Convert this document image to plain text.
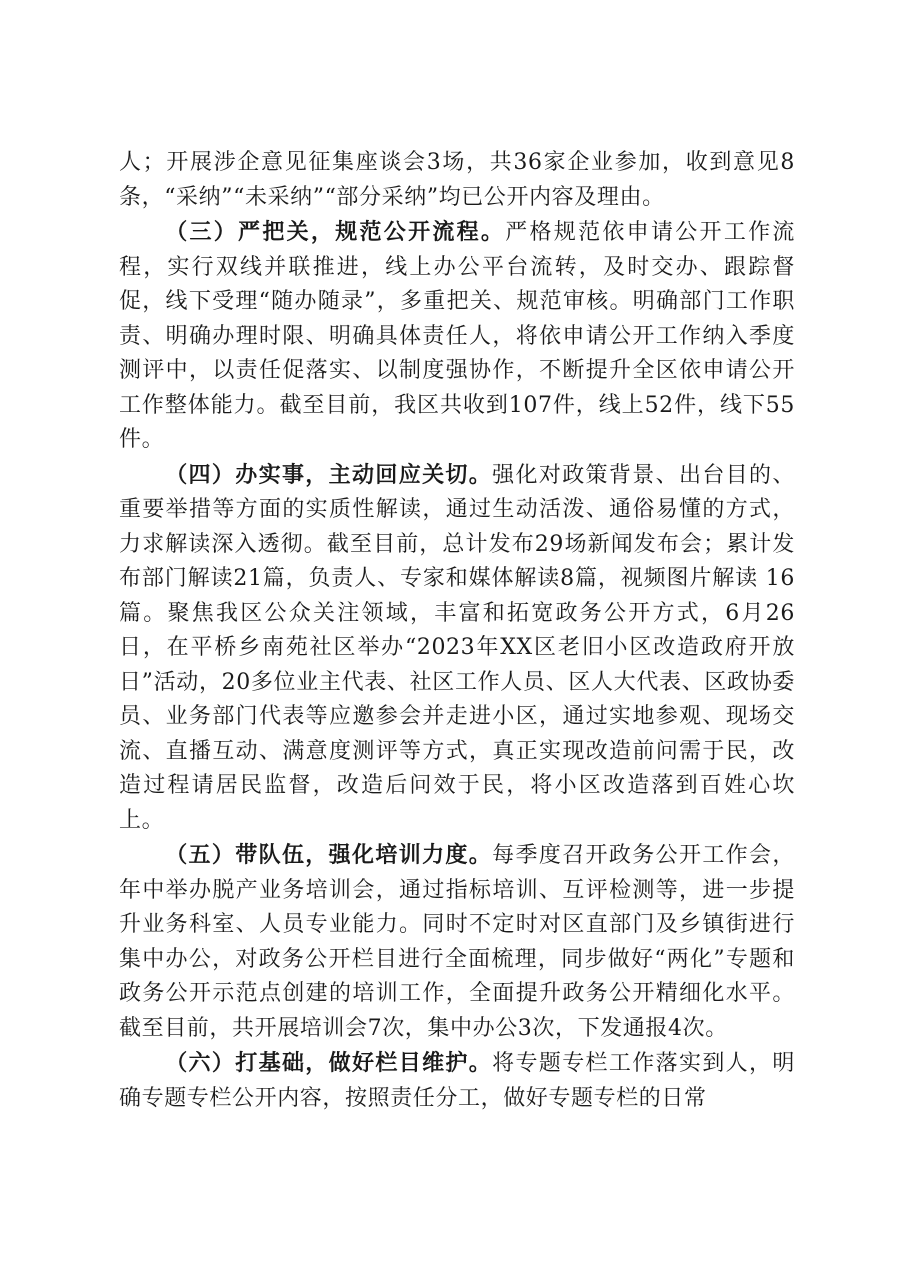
人；开展涉企意见征集座谈会3场，共36家企业参加，收到意见8条，“采纳”“未采纳”“部分采纳”均已公开内容及理由。

（三）严把关，规范公开流程。严格规范依申请公开工作流程，实行双线并联推进，线上办公平台流转，及时交办、跟踪督促，线下受理“随办随录”，多重把关、规范审核。明确部门工作职责、明确办理时限、明确具体责任人，将依申请公开工作纳入季度测评中，以责任促落实、以制度强协作，不断提升全区依申请公开工作整体能力。截至目前，我区共收到107件，线上52件，线下55件。

（四）办实事，主动回应关切。强化对政策背景、出台目的、重要举措等方面的实质性解读，通过生动活泼、通俗易懂的方式，力求解读深入透彻。截至目前，总计发布29场新闻发布会；累计发布部门解读21篇，负责人、专家和媒体解读8篇，视频图片解读 16篇。聚焦我区公众关注领域，丰富和拓宽政务公开方式，6月26日，在平桥乡南苑社区举办“2023年XX区老旧小区改造政府开放日”活动，20多位业主代表、社区工作人员、区人大代表、区政协委员、业务部门代表等应邀参会并走进小区，通过实地参观、现场交流、直播互动、满意度测评等方式，真正实现改造前问需于民，改造过程请居民监督，改造后问效于民，将小区改造落到百姓心坎上。

（五）带队伍，强化培训力度。每季度召开政务公开工作会，年中举办脱产业务培训会，通过指标培训、互评检测等，进一步提升业务科室、人员专业能力。同时不定时对区直部门及乡镇街进行集中办公，对政务公开栏目进行全面梳理，同步做好“两化”专题和政务公开示范点创建的培训工作，全面提升政务公开精细化水平。截至目前，共开展培训会7次，集中办公3次，下发通报4次。

（六）打基础，做好栏目维护。将专题专栏工作落实到人，明确专题专栏公开内容，按照责任分工，做好专题专栏的日常
